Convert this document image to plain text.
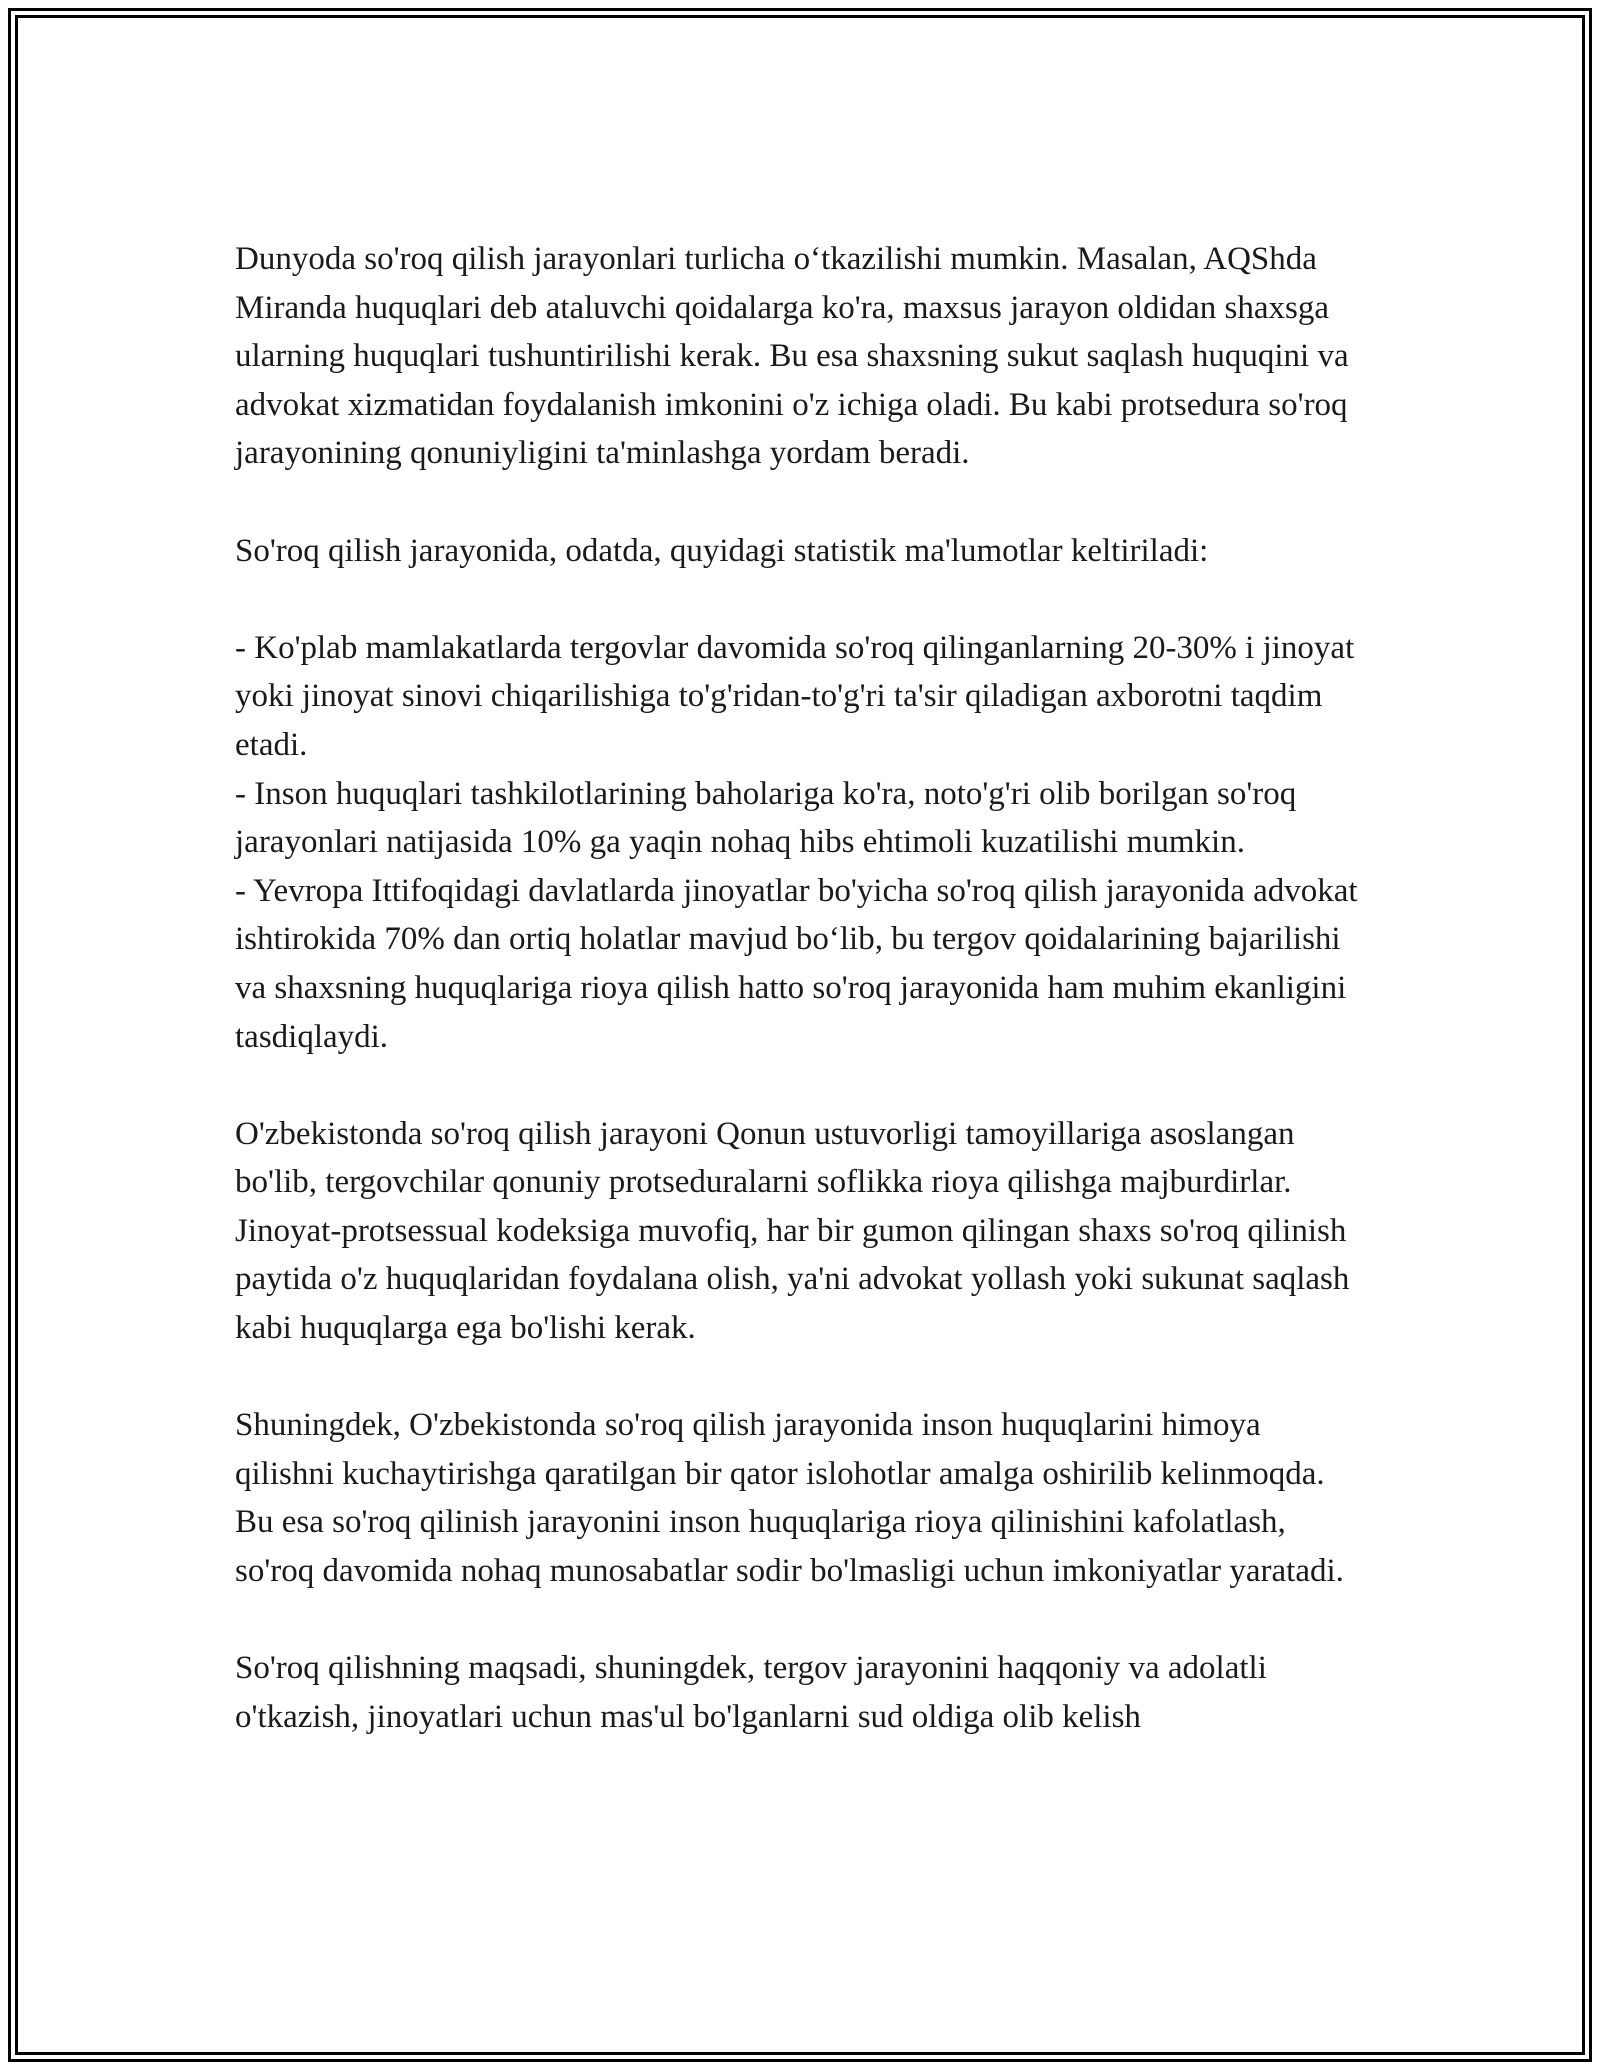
Dunyoda so'roq qilish jarayonlari turlicha o‘tkazilishi mumkin. Masalan, AQShda Miranda huquqlari deb ataluvchi qoidalarga ko'ra, maxsus jarayon oldidan shaxsga ularning huquqlari tushuntirilishi kerak. Bu esa shaxsning sukut saqlash huquqini va advokat xizmatidan foydalanish imkonini o'z ichiga oladi. Bu kabi protsedura so'roq jarayonining qonuniyligini ta'minlashga yordam beradi.

So'roq qilish jarayonida, odatda, quyidagi statistik ma'lumotlar keltiriladi:

- Ko'plab mamlakatlarda tergovlar davomida so'roq qilinganlarning 20-30% i jinoyat yoki jinoyat sinovi chiqarilishiga to'g'ridan-to'g'ri ta'sir qiladigan axborotni taqdim etadi.

- Inson huquqlari tashkilotlarining baholariga ko'ra, noto'g'ri olib borilgan so'roq jarayonlari natijasida 10% ga yaqin nohaq hibs ehtimoli kuzatilishi mumkin.

- Yevropa Ittifoqidagi davlatlarda jinoyatlar bo'yicha so'roq qilish jarayonida advokat ishtirokida 70% dan ortiq holatlar mavjud bo‘lib, bu tergov qoidalarining bajarilishi va shaxsning huquqlariga rioya qilish hatto so'roq jarayonida ham muhim ekanligini tasdiqlaydi.

O'zbekistonda so'roq qilish jarayoni Qonun ustuvorligi tamoyillariga asoslangan bo'lib, tergovchilar qonuniy protseduralarni soflikka rioya qilishga majburdirlar. Jinoyat-protsessual kodeksiga muvofiq, har bir gumon qilingan shaxs so'roq qilinish paytida o'z huquqlaridan foydalana olish, ya'ni advokat yollash yoki sukunat saqlash kabi huquqlarga ega bo'lishi kerak.

Shuningdek, O'zbekistonda so'roq qilish jarayonida inson huquqlarini himoya qilishni kuchaytirishga qaratilgan bir qator islohotlar amalga oshirilib kelinmoqda. Bu esa so'roq qilinish jarayonini inson huquqlariga rioya qilinishini kafolatlash, so'roq davomida nohaq munosabatlar sodir bo'lmasligi uchun imkoniyatlar yaratadi.

So'roq qilishning maqsadi, shuningdek, tergov jarayonini haqqoniy va adolatli o'tkazish, jinoyatlari uchun mas'ul bo'lganlarni sud oldiga olib kelish
